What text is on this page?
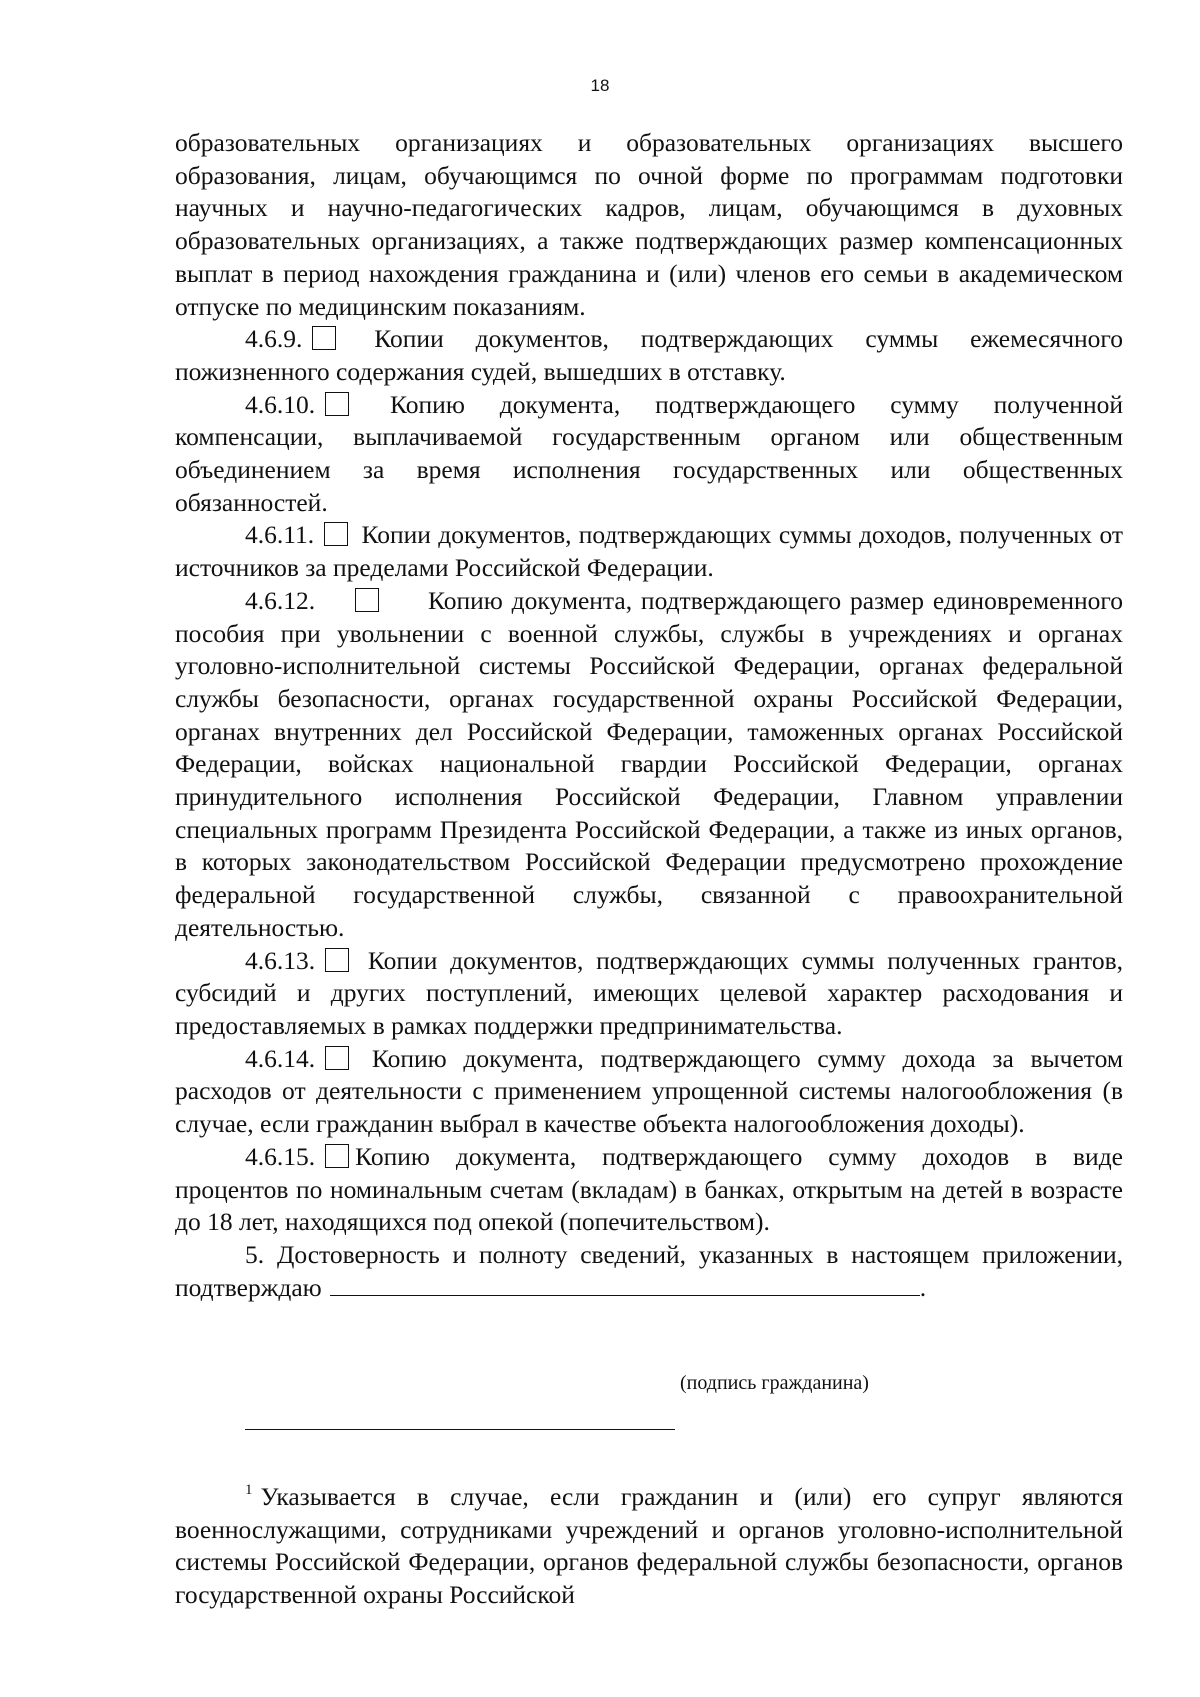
18

образовательных организациях и образовательных организациях высшего образования, лицам, обучающимся по очной форме по программам подготовки научных и научно-педагогических кадров, лицам, обучающимся в духовных образовательных организациях, а также подтверждающих размер компенсационных выплат в период нахождения гражданина и (или) членов его семьи в академическом отпуске по медицинским показаниям.

4.6.9.	Копии документов, подтверждающих суммы ежемесячного пожизненного содержания судей, вышедших в отставку.

4.6.10.	Копию документа, подтверждающего сумму полученной компенсации, выплачиваемой государственным органом или общественным объединением за время исполнения государственных или общественных обязанностей.

4.6.11. Копии документов, подтверждающих суммы доходов, полученных от источников за пределами Российской Федерации.

4.6.12.	Копию документа, подтверждающего размер единовременного пособия при увольнении с военной службы, службы в учреждениях и органах уголовно-исполнительной системы Российской Федерации, органах федеральной службы безопасности, органах государственной охраны Российской Федерации, органах внутренних дел Российской Федерации, таможенных органах Российской Федерации, войсках национальной гвардии Российской Федерации, органах принудительного исполнения Российской Федерации, Главном управлении специальных программ Президента Российской Федерации, а также из иных органов, в которых законодательством Российской Федерации предусмотрено прохождение федеральной государственной службы, связанной с правоохранительной деятельностью.

4.6.13. Копии документов, подтверждающих суммы полученных грантов, субсидий и других поступлений, имеющих целевой характер расходования и предоставляемых в рамках поддержки предпринимательства.

4.6.14. Копию документа, подтверждающего сумму дохода за вычетом расходов от деятельности с применением упрощенной системы налогообложения (в случае, если гражданин выбрал в качестве объекта налогообложения доходы).

4.6.15. Копию документа, подтверждающего сумму доходов в виде процентов по номинальным счетам (вкладам) в банках, открытым на детей в возрасте до 18 лет, находящихся под опекой (попечительством).

5. Достоверность и полноту сведений, указанных в настоящем приложении, подтверждаю	.

(подпись гражданина)

$^1$ Указывается в случае, если гражданин и (или) его супруг являются военнослужащими, сотрудниками учреждений и органов уголовно-исполнительной системы Российской Федерации, органов федеральной службы безопасности, органов государственной охраны Российской
